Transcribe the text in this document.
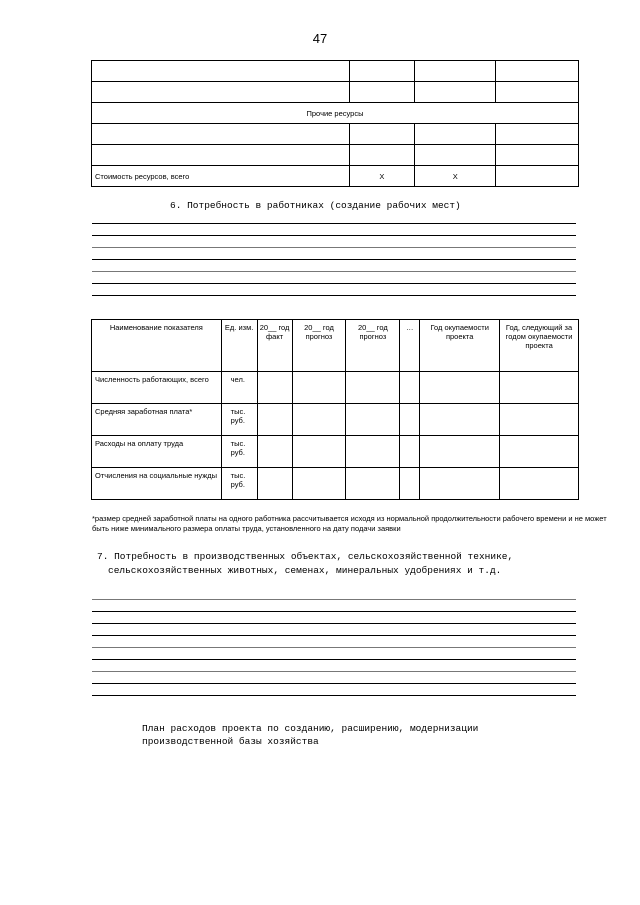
47

Прочие ресурсы			

Стоимость ресурсов, всего	Х	Х	
6. Потребность в работниках (создание рабочих мест)
Наименование показателя	Ед. изм.	20__ год факт	20__ год прогноз	20__ год прогноз	…	Год окупаемости проекта	Год, следующий за годом окупаемости проекта
Численность работающих, всего	чел.						
Средняя заработная плата*	тыс. руб.						
Расходы на оплату труда	тыс. руб.						
Отчисления на социальные нужды	тыс. руб.						
*размер средней заработной платы на одного работника рассчитывается исходя из нормальной продолжительности рабочего времени и не может быть ниже минимального размера оплаты труда, установленного на дату подачи заявки
7. Потребность в производственных объектах, сельскохозяйственной технике,
сельскохозяйственных животных, семенах, минеральных удобрениях и т.д.
План расходов проекта по созданию, расширению, модернизации
производственной базы хозяйства
